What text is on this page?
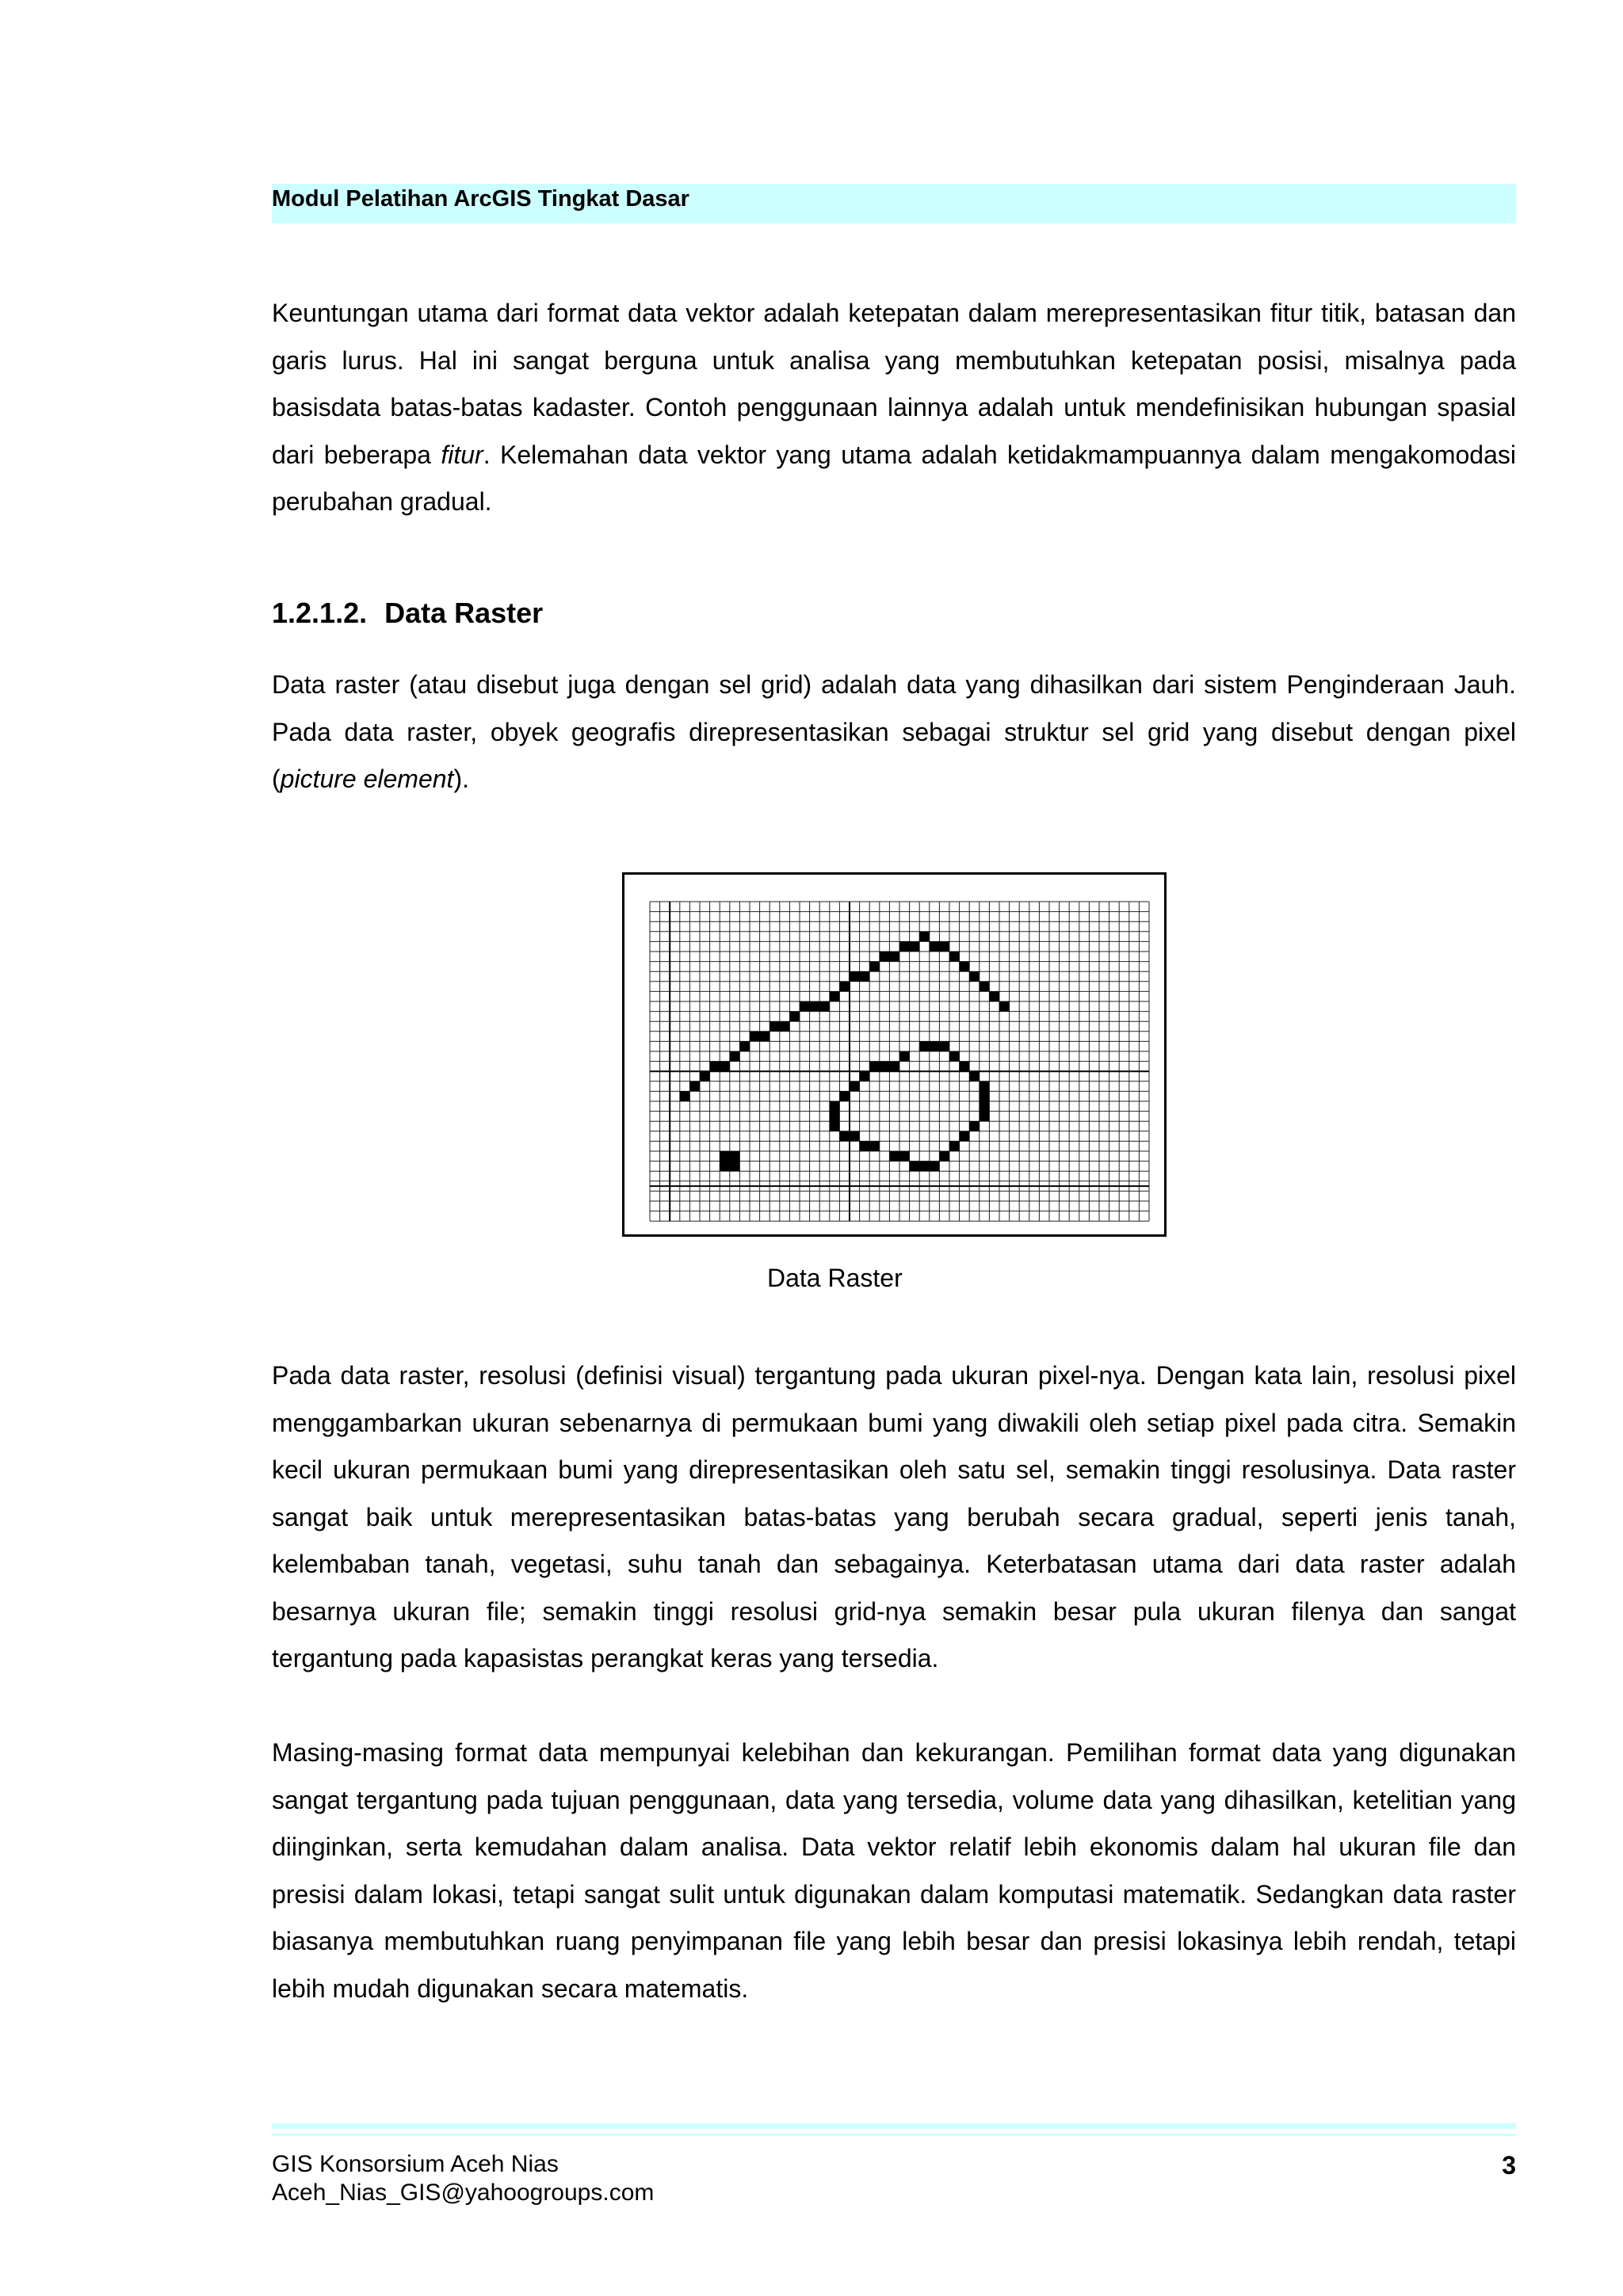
Modul Pelatihan ArcGIS Tingkat Dasar

Keuntungan utama dari format data vektor adalah ketepatan dalam merepresentasikan fitur titik, batasan dan garis lurus. Hal ini sangat berguna untuk analisa yang membutuhkan ketepatan posisi, misalnya pada basisdata batas-batas kadaster. Contoh penggunaan lainnya adalah untuk mendefinisikan hubungan spasial dari beberapa fitur. Kelemahan data vektor yang utama adalah ketidakmampuannya dalam mengakomodasi perubahan gradual.

1.2.1.2. Data Raster

Data raster (atau disebut juga dengan sel grid) adalah data yang dihasilkan dari sistem Penginderaan Jauh. Pada data raster, obyek geografis direpresentasikan sebagai struktur sel grid yang disebut dengan pixel (picture element).

Data Raster

Pada data raster, resolusi (definisi visual) tergantung pada ukuran pixel-nya. Dengan kata lain, resolusi pixel menggambarkan ukuran sebenarnya di permukaan bumi yang diwakili oleh setiap pixel pada citra. Semakin kecil ukuran permukaan bumi yang direpresentasikan oleh satu sel, semakin tinggi resolusinya. Data raster sangat baik untuk merepresentasikan batas-batas yang berubah secara gradual, seperti jenis tanah, kelembaban tanah, vegetasi, suhu tanah dan sebagainya. Keterbatasan utama dari data raster adalah besarnya ukuran file; semakin tinggi resolusi grid-nya semakin besar pula ukuran filenya dan sangat tergantung pada kapasistas perangkat keras yang tersedia.

Masing-masing format data mempunyai kelebihan dan kekurangan. Pemilihan format data yang digunakan sangat tergantung pada tujuan penggunaan, data yang tersedia, volume data yang dihasilkan, ketelitian yang diinginkan, serta kemudahan dalam analisa. Data vektor relatif lebih ekonomis dalam hal ukuran file dan presisi dalam lokasi, tetapi sangat sulit untuk digunakan dalam komputasi matematik. Sedangkan data raster biasanya membutuhkan ruang penyimpanan file yang lebih besar dan presisi lokasinya lebih rendah, tetapi lebih mudah digunakan secara matematis.

GIS Konsorsium Aceh Nias
Aceh_Nias_GIS@yahoogroups.com
3
